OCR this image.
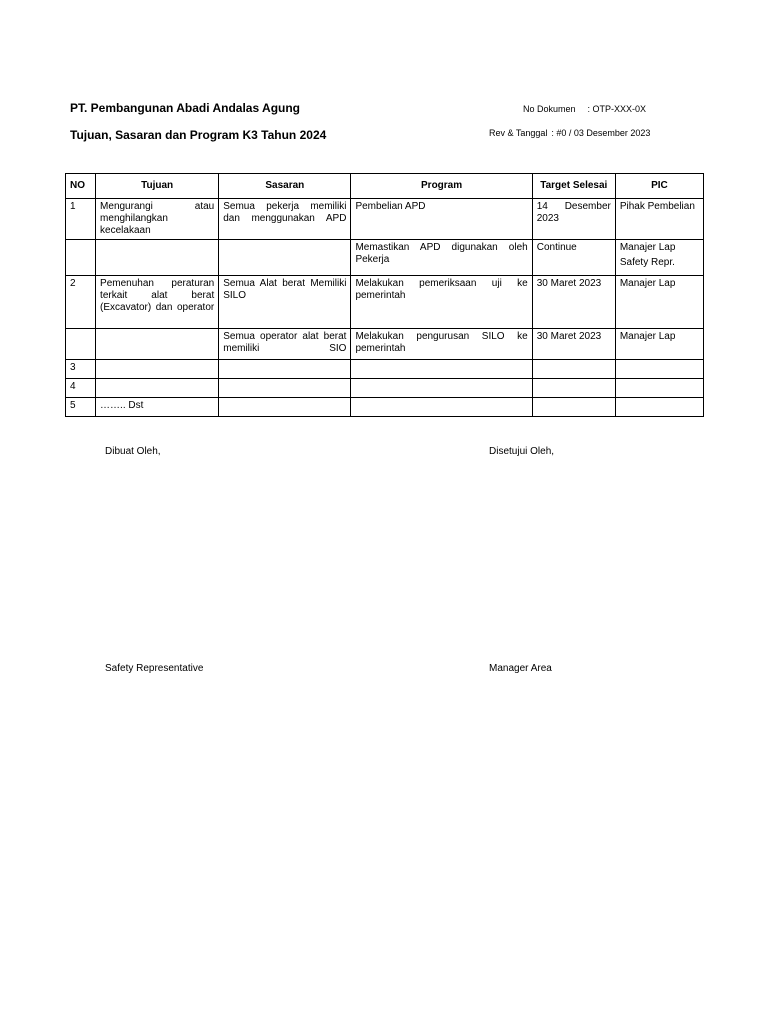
PT. Pembangunan Abadi Andalas Agung	No Dokumen : OTP-XXX-0X
Tujuan, Sasaran dan Program K3 Tahun 2024	Rev & Tanggal : #0 / 03 Desember 2023
NO	Tujuan	Sasaran	Program	Target Selesai	PIC
1	Mengurangi atau menghilangkan kecelakaan	Semua pekerja memiliki dan menggunakan APD	Pembelian APD	14 Desember 2023	Pihak Pembelian

			Memastikan APD digunakan oleh Pekerja	Continue	Manajer Lap
Safety Repr.

2	Pemenuhan peraturan terkait alat berat (Excavator) dan operator	Semua Alat berat Memiliki SILO	Melakukan pemeriksaan uji ke pemerintah	30 Maret 2023	Manajer Lap

		Semua operator alat berat memiliki SIO	Melakukan pengurusan SILO ke pemerintah	30 Maret 2023	Manajer Lap

3					
4					
5	…….. Dst				
Dibuat Oleh,	Disetujui Oleh,
Safety Representative	Manager Area
